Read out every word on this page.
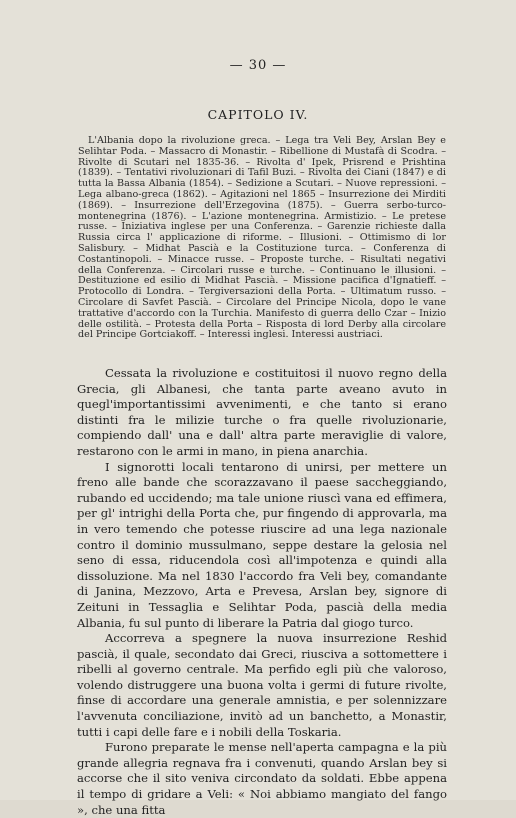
— 30 —
CAPITOLO IV.
L'Albania dopo la rivoluzione greca. – Lega tra Veli Bey, Arslan Bey e Selihtar Poda. – Massacro di Monastir. – Ribellione di Mustafà di Scodra. – Rivolte di Scutari nel 1835-36. – Rivolta d' Ipek, Prisrend e Prishtina (1839). – Tentativi rivoluzionari di Tafil Buzi. – Rivolta dei Ciani (1847) e di tutta la Bassa Albania (1854). – Sedizione a Scutari. – Nuove repressioni. – Lega albano-greca (1862). – Agitazioni nel 1865 – Insurrezione dei Mirditi (1869). – Insurrezione dell'Erzegovina (1875). – Guerra serbo-turco-montenegrina (1876). – L'azione montenegrina. Armistizio. – Le pretese russe. – Iniziativa inglese per una Conferenza. – Garenzie richieste dalla Russia circa l' applicazione di riforme. – Illusioni. – Ottimismo di lor Salisbury. – Midhat Pascià e la Costituzione turca. – Conferenza di Costantinopoli. – Minacce russe. – Proposte turche. – Risultati negativi della Conferenza. – Circolari russe e turche. – Continuano le illusioni. – Destituzione ed esilio di Midhat Pascià. – Missione pacifica d'Ignatieff. – Protocollo di Londra. – Tergiversazioni della Porta. – Ultimatum russo. – Circolare di Savfet Pascià. – Circolare del Principe Nicola, dopo le vane trattative d'accordo con la Turchia. Manifesto di guerra dello Czar – Inizio delle ostilità. – Protesta della Porta – Risposta di lord Derby alla circolare del Principe Gortciakoff. – Interessi inglesi. Interessi austriaci.

Cessata la rivoluzione e costituitosi il nuovo regno della Grecia, gli Albanesi, che tanta parte aveano avuto in quegl'importantissimi avvenimenti, e che tanto si erano distinti fra le milizie turche o fra quelle rivoluzionarie, compiendo dall' una e dall' altra parte meraviglie di valore, restarono con le armi in mano, in piena anarchia.

I signorotti locali tentarono di unirsi, per mettere un freno alle bande che scorazzavano il paese saccheggiando, rubando ed uccidendo; ma tale unione riuscì vana ed effimera, per gl' intrighi della Porta che, pur fingendo di approvarla, ma in vero temendo che potesse riuscire ad una lega nazionale contro il dominio mussulmano, seppe destare la gelosia nel seno di essa, riducendola così all'impotenza e quindi alla dissoluzione. Ma nel 1830 l'accordo fra Veli bey, comandante di Janina, Mezzovo, Arta e Prevesa, Arslan bey, signore di Zeituni in Tessaglia e Selihtar Poda, pascià della media Albania, fu sul punto di liberare la Patria dal giogo turco.

Accorreva a spegnere la nuova insurrezione Reshid pascià, il quale, secondato dai Greci, riusciva a sottomettere i ribelli al governo centrale. Ma perfido egli più che valoroso, volendo distruggere una buona volta i germi di future rivolte, finse di accordare una generale amnistia, e per solennizzare l'avvenuta conciliazione, invitò ad un banchetto, a Monastir, tutti i capi delle fare e i nobili della Toskaria.

Furono preparate le mense nell'aperta campagna e la più grande allegria regnava fra i convenuti, quando Arslan bey si accorse che il sito veniva circondato da soldati. Ebbe appena il tempo di gridare a Veli: « Noi abbiamo mangiato del fango », che una fitta
